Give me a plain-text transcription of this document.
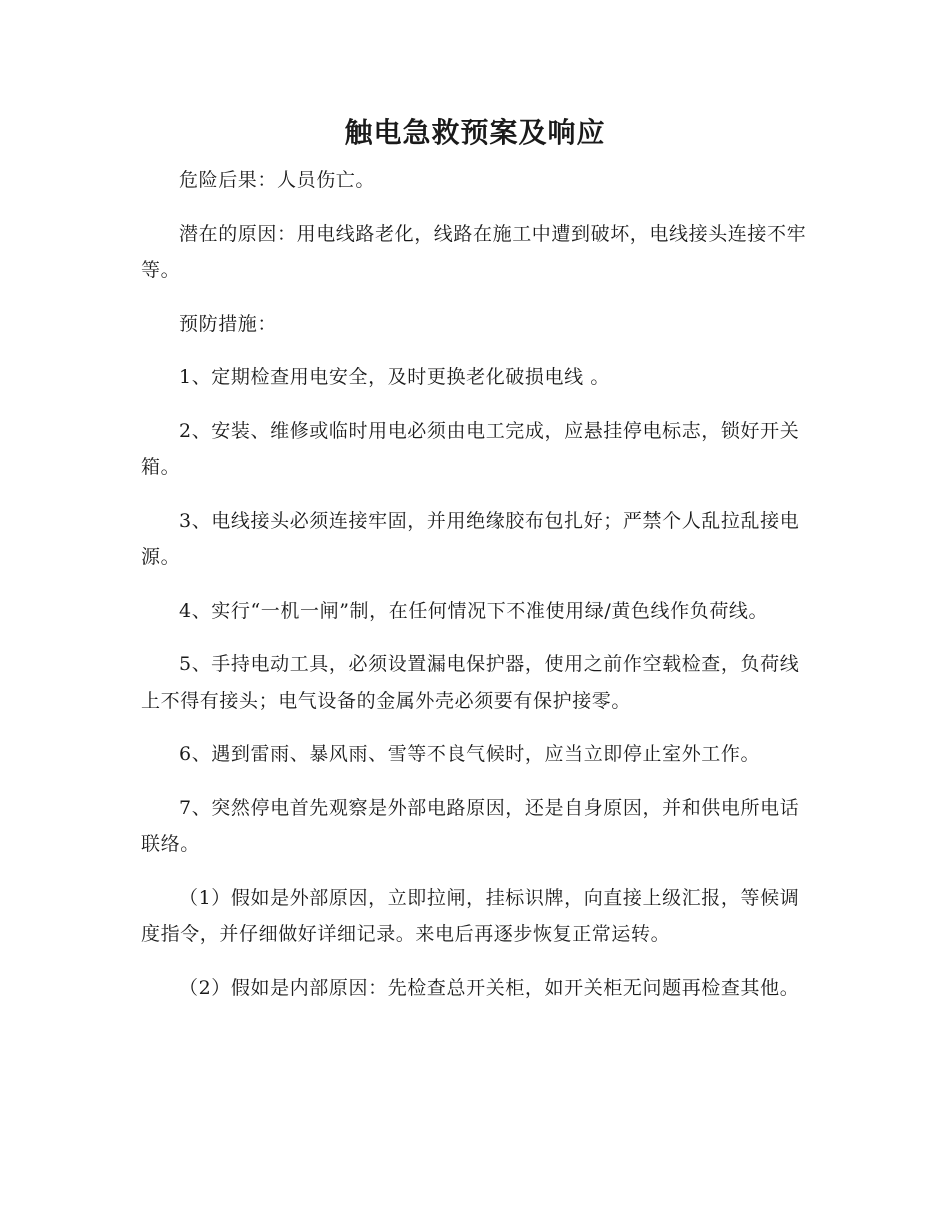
触电急救预案及响应

危险后果：人员伤亡。

潜在的原因：用电线路老化，线路在施工中遭到破坏，电线接头连接不牢等。

预防措施：

1、定期检查用电安全，及时更换老化破损电线 。

2、安装、维修或临时用电必须由电工完成，应悬挂停电标志，锁好开关箱。

3、电线接头必须连接牢固，并用绝缘胶布包扎好；严禁个人乱拉乱接电源。

4、实行“一机一闸”制，在任何情况下不准使用绿/黄色线作负荷线。

5、手持电动工具，必须设置漏电保护器，使用之前作空载检查，负荷线上不得有接头；电气设备的金属外壳必须要有保护接零。

6、遇到雷雨、暴风雨、雪等不良气候时，应当立即停止室外工作。

7、突然停电首先观察是外部电路原因，还是自身原因，并和供电所电话联络。

（1）假如是外部原因，立即拉闸，挂标识牌，向直接上级汇报，等候调度指令，并仔细做好详细记录。来电后再逐步恢复正常运转。

（2）假如是内部原因：先检查总开关柜，如开关柜无问题再检查其他。
